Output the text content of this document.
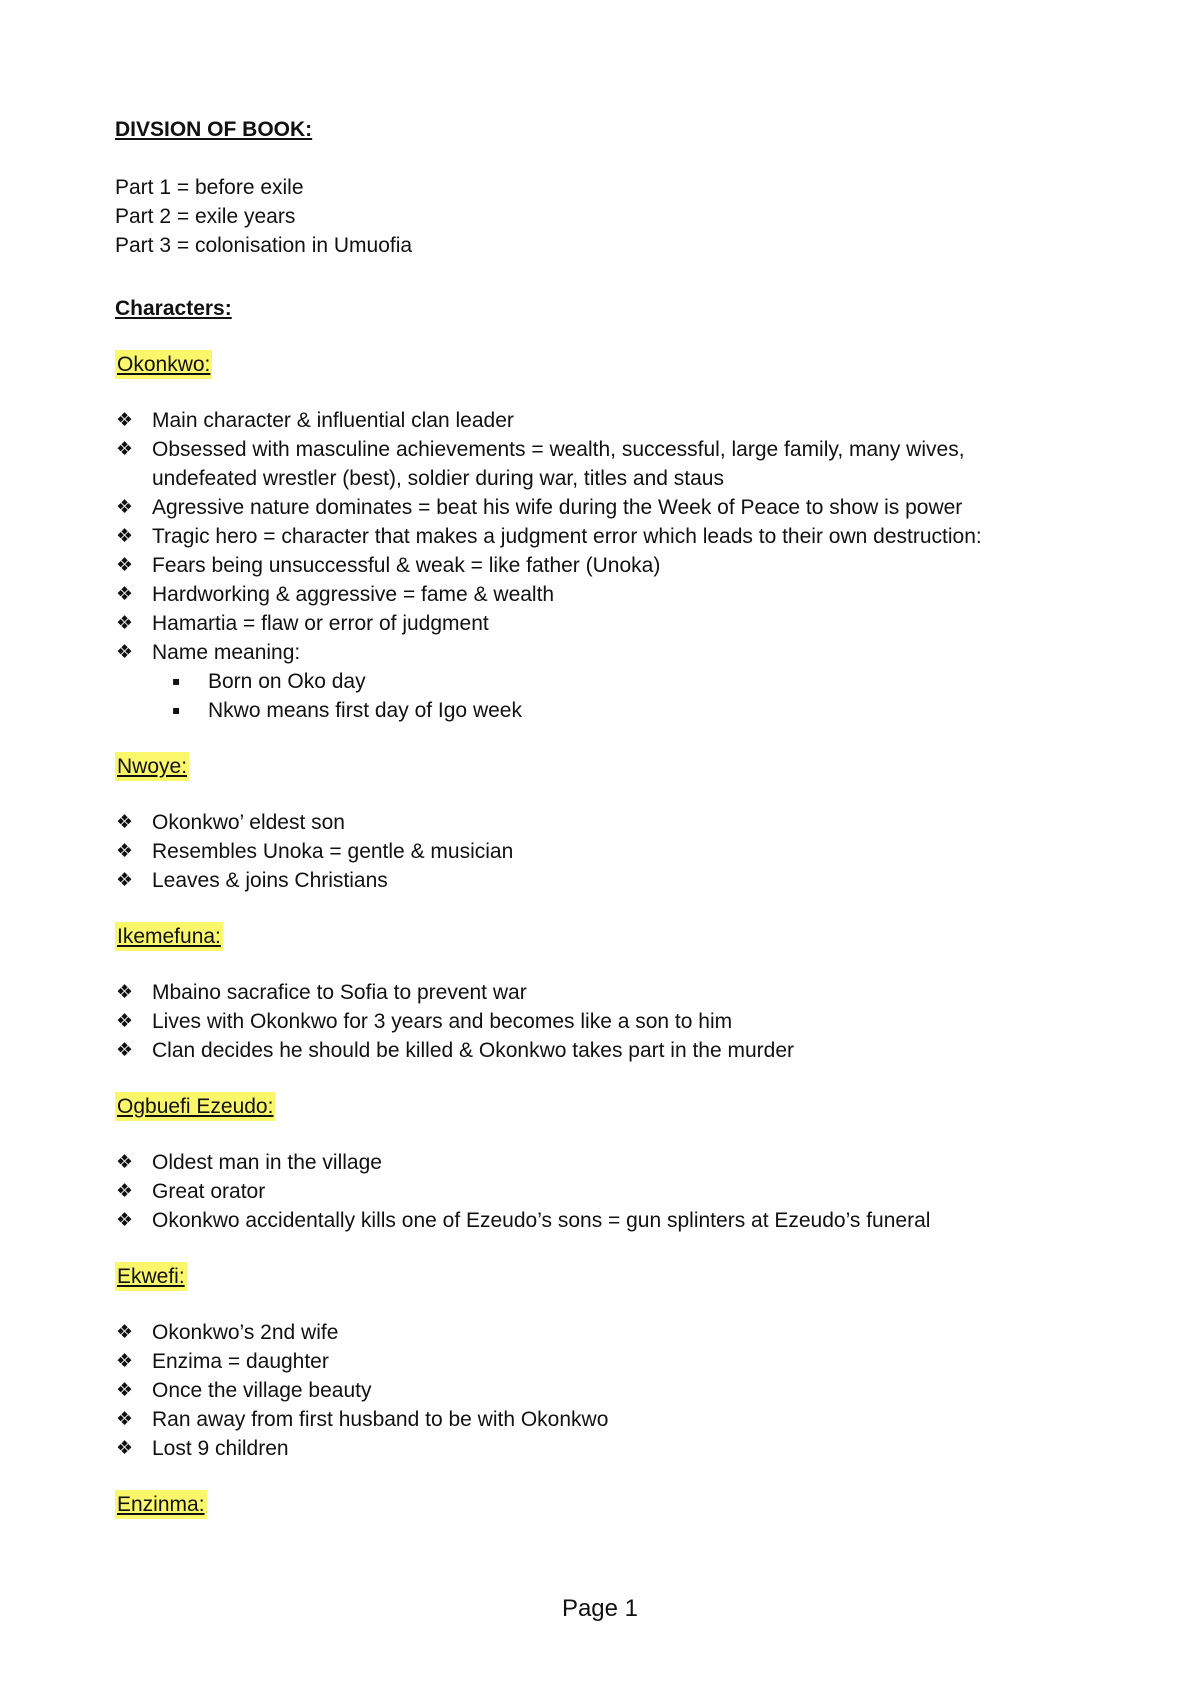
DIVSION OF BOOK:
Part 1 = before exile
Part 2 = exile years
Part 3 = colonisation in Umuofia
Characters:
Okonkwo:
❖ Main character & influential clan leader
❖ Obsessed with masculine achievements = wealth, successful, large family, many wives, undefeated wrestler (best), soldier during war, titles and staus
❖ Agressive nature dominates = beat his wife during the Week of Peace to show is power
❖ Tragic hero = character that makes a judgment error which leads to their own destruction:
❖ Fears being unsuccessful & weak = like father (Unoka)
❖ Hardworking & aggressive = fame & wealth
❖ Hamartia = flaw or error of judgment
❖ Name meaning:
▪ Born on Oko day
▪ Nkwo means first day of Igo week
Nwoye:
❖ Okonkwo’ eldest son
❖ Resembles Unoka = gentle & musician
❖ Leaves & joins Christians
Ikemefuna:
❖ Mbaino sacrafice to Sofia to prevent war
❖ Lives with Okonkwo for 3 years and becomes like a son to him
❖ Clan decides he should be killed & Okonkwo takes part in the murder
Ogbuefi Ezeudo:
❖ Oldest man in the village
❖ Great orator
❖ Okonkwo accidentally kills one of Ezeudo’s sons = gun splinters at Ezeudo’s funeral
Ekwefi:
❖ Okonkwo’s 2nd wife
❖ Enzima = daughter
❖ Once the village beauty
❖ Ran away from first husband to be with Okonkwo
❖ Lost 9 children
Enzinma:
Page 1
